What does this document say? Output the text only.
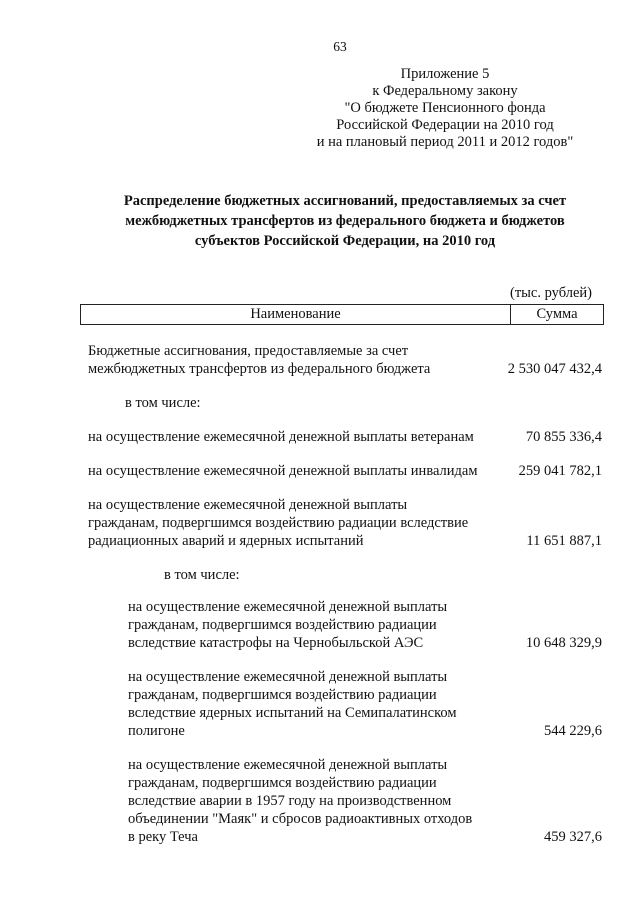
63
Приложение 5
к Федеральному закону
"О бюджете Пенсионного фонда
Российской Федерации на 2010 год
и на плановый период 2011 и 2012 годов"
Распределение бюджетных ассигнований, предоставляемых за счет
межбюджетных трансфертов из федерального бюджета и бюджетов
субъектов Российской Федерации, на 2010 год
(тыс. рублей)
Наименование	Сумма
Бюджетные ассигнования, предоставляемые за счет
межбюджетных трансфертов из федерального бюджета	2 530 047 432,4
в том числе:
на осуществление ежемесячной денежной выплаты ветеранам	70 855 336,4
на осуществление ежемесячной денежной выплаты инвалидам	259 041 782,1
на осуществление ежемесячной денежной выплаты
гражданам, подвергшимся воздействию радиации вследствие
радиационных аварий и ядерных испытаний	11 651 887,1
в том числе:
на осуществление ежемесячной денежной выплаты
гражданам, подвергшимся воздействию радиации
вследствие катастрофы на Чернобыльской АЭС	10 648 329,9
на осуществление ежемесячной денежной выплаты
гражданам, подвергшимся воздействию радиации
вследствие ядерных испытаний на Семипалатинском
полигоне	544 229,6
на осуществление ежемесячной денежной выплаты
гражданам, подвергшимся воздействию радиации
вследствие аварии в 1957 году на производственном
объединении "Маяк" и сбросов радиоактивных отходов
в реку Теча	459 327,6
